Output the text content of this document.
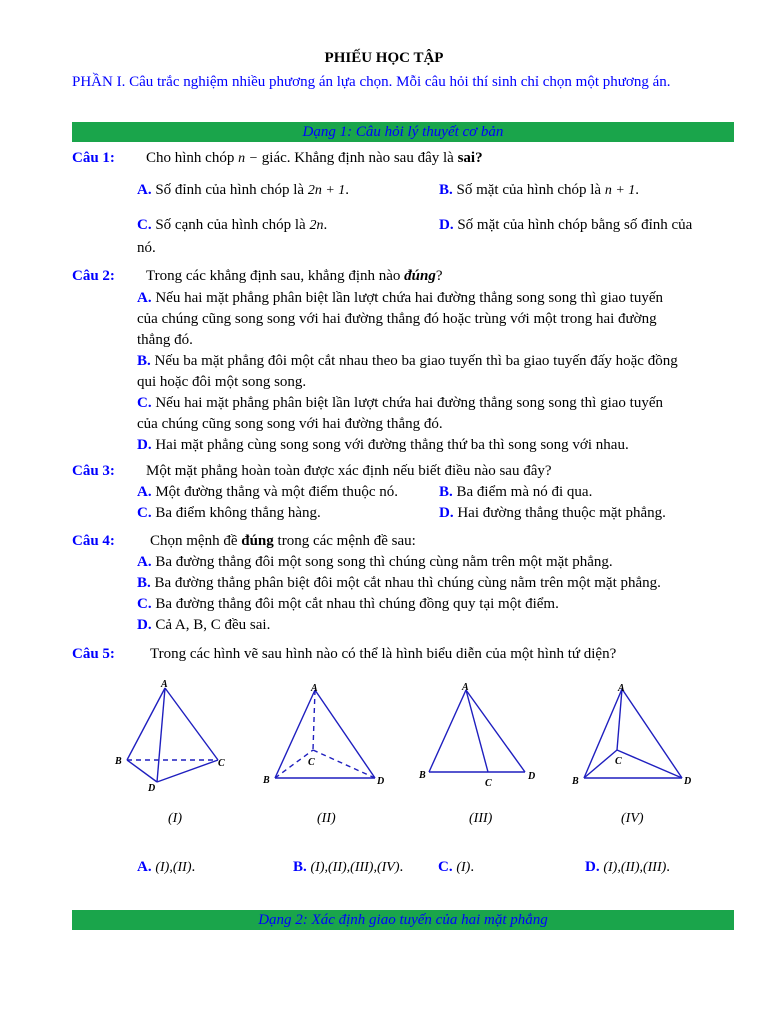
PHIẾU HỌC TẬP
PHẦN I. Câu trắc nghiệm nhiều phương án lựa chọn. Mỗi câu hỏi thí sinh chỉ chọn một phương án.
Dạng 1: Câu hỏi lý thuyết cơ bản
Câu 1: Cho hình chóp n − giác. Khẳng định nào sau đây là sai?
A. Số đỉnh của hình chóp là 2n + 1.	B. Số mặt của hình chóp là n + 1.
C. Số cạnh của hình chóp là 2n.	D. Số mặt của hình chóp bằng số đỉnh của
nó.
Câu 2: Trong các khẳng định sau, khẳng định nào đúng?
A. Nếu hai mặt phẳng phân biệt lần lượt chứa hai đường thẳng song song thì giao tuyến
của chúng cũng song song với hai đường thẳng đó hoặc trùng với một trong hai đường
thẳng đó.
B. Nếu ba mặt phẳng đôi một cắt nhau theo ba giao tuyến thì ba giao tuyến đấy hoặc đồng
qui hoặc đôi một song song.
C. Nếu hai mặt phẳng phân biệt lần lượt chứa hai đường thẳng song song thì giao tuyến
của chúng cũng song song với hai đường thẳng đó.
D. Hai mặt phẳng cùng song song với đường thẳng thứ ba thì song song với nhau.
Câu 3: Một mặt phẳng hoàn toàn được xác định nếu biết điều nào sau đây?
A. Một đường thẳng và một điểm thuộc nó.	B. Ba điểm mà nó đi qua.
C. Ba điểm không thẳng hàng.	D. Hai đường thẳng thuộc mặt phẳng.
Câu 4: Chọn mệnh đề đúng trong các mệnh đề sau:
A. Ba đường thẳng đôi một song song thì chúng cùng nằm trên một mặt phẳng.
B. Ba đường thẳng phân biệt đôi một cắt nhau thì chúng cùng nằm trên một mặt phẳng.
C. Ba đường thẳng đôi một cắt nhau thì chúng đồng quy tại một điểm.
D. Cả A, B, C đều sai.
Câu 5: Trong các hình vẽ sau hình nào có thể là hình biểu diễn của một hình tứ diện?
A
B	C
D
A
B
C
D
A
B
C
D
A
B
C
D
(I)	(II)	(III)	(IV)
A. (I),(II).	B. (I),(II),(III),(IV). C. (I).	D. (I),(II),(III).
Dạng 2: Xác định giao tuyến của hai mặt phẳng
